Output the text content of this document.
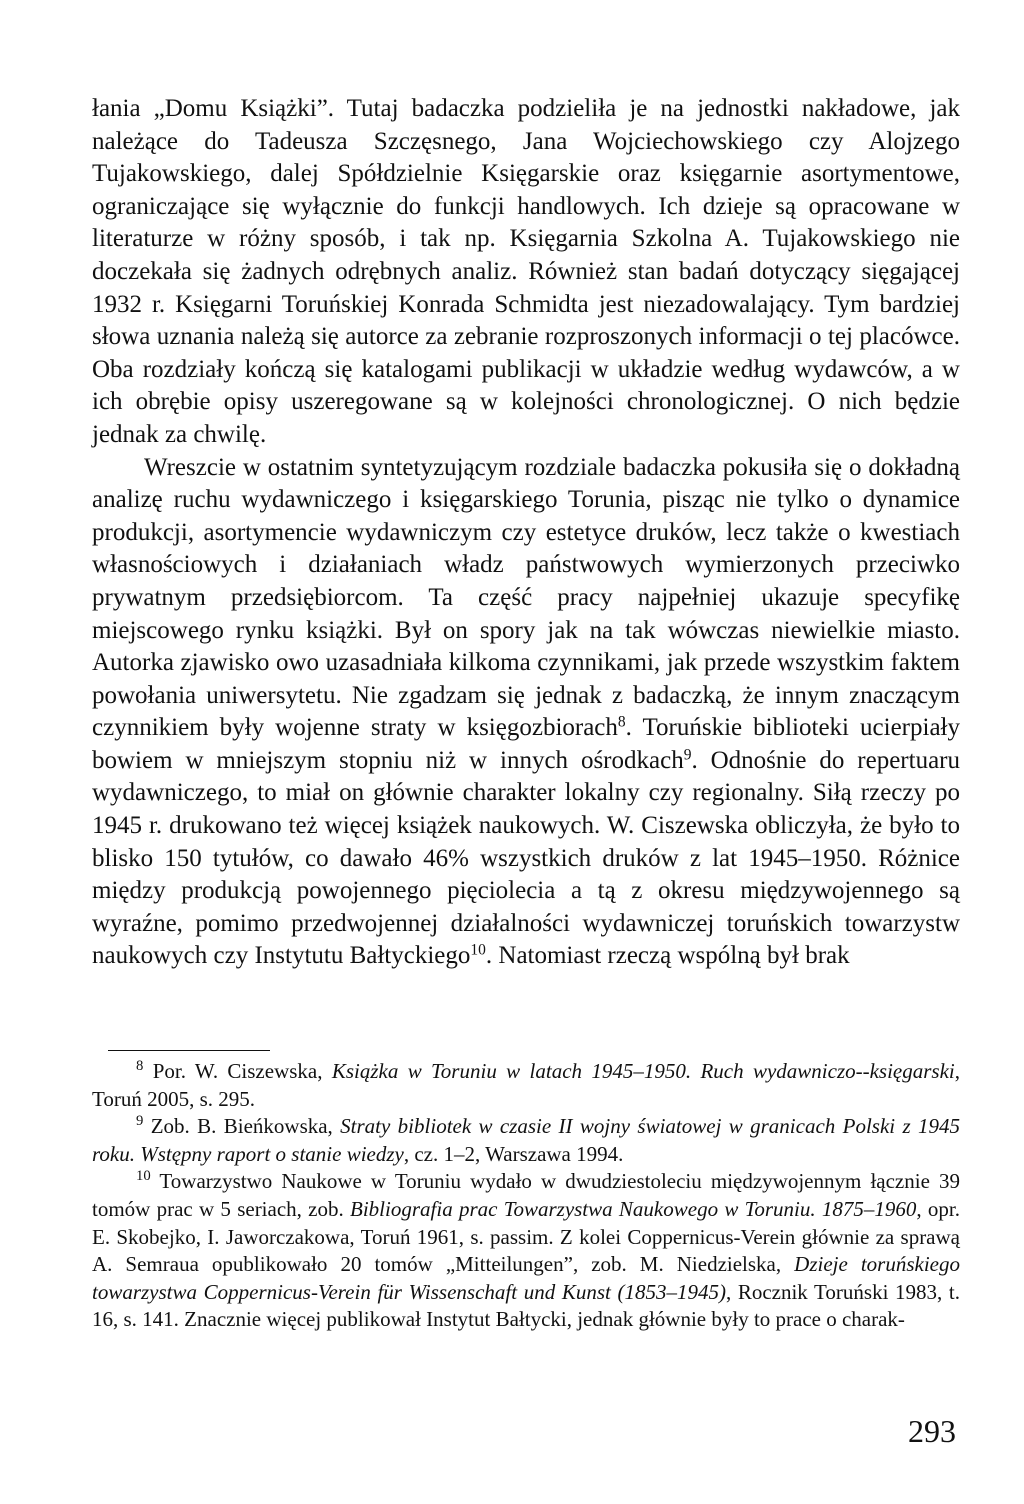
łania „Domu Książki”. Tutaj badaczka podzieliła je na jednostki nakładowe, jak należące do Tadeusza Szczęsnego, Jana Wojciechowskiego czy Alojzego Tujakowskiego, dalej Spółdzielnie Księgarskie oraz księgarnie asortymentowe, ograniczające się wyłącznie do funkcji handlowych. Ich dzieje są opracowane w literaturze w różny sposób, i tak np. Księgarnia Szkolna A. Tujakowskiego nie doczekała się żadnych odrębnych analiz. Również stan badań dotyczący sięgającej 1932 r. Księgarni Toruńskiej Konrada Schmidta jest niezadowalający. Tym bardziej słowa uznania należą się autorce za zebranie rozproszonych informacji o tej placówce. Oba rozdziały kończą się katalogami publikacji w układzie według wydawców, a w ich obrębie opisy uszeregowane są w kolejności chronologicznej. O nich będzie jednak za chwilę.

Wreszcie w ostatnim syntetyzującym rozdziale badaczka pokusiła się o dokładną analizę ruchu wydawniczego i księgarskiego Torunia, pisząc nie tylko o dynamice produkcji, asortymencie wydawniczym czy estetyce druków, lecz także o kwestiach własnościowych i działaniach władz państwowych wymierzonych przeciwko prywatnym przedsiębiorcom. Ta część pracy najpełniej ukazuje specyfikę miejscowego rynku książki. Był on spory jak na tak wówczas niewielkie miasto. Autorka zjawisko owo uzasadniała kilkoma czynnikami, jak przede wszystkim faktem powołania uniwersytetu. Nie zgadzam się jednak z badaczką, że innym znaczącym czynnikiem były wojenne straty w księgozbiorach$^8$. Toruńskie biblioteki ucierpiały bowiem w mniejszym stopniu niż w innych ośrodkach$^9$. Odnośnie do repertuaru wydawniczego, to miał on głównie charakter lokalny czy regionalny. Siłą rzeczy po 1945 r. drukowano też więcej książek naukowych. W. Ciszewska obliczyła, że było to blisko 150 tytułów, co dawało 46% wszystkich druków z lat 1945–1950. Różnice między produkcją powojennego pięciolecia a tą z okresu międzywojennego są wyraźne, pomimo przedwojennej działalności wydawniczej toruńskich towarzystw naukowych czy Instytutu Bałtyckiego$^{10}$. Natomiast rzeczą wspólną był brak

$^8$ Por. W. Ciszewska, Książka w Toruniu w latach 1945–1950. Ruch wydawniczo--księgarski, Toruń 2005, s. 295.

$^9$ Zob. B. Bieńkowska, Straty bibliotek w czasie II wojny światowej w granicach Polski z 1945 roku. Wstępny raport o stanie wiedzy, cz. 1–2, Warszawa 1994.

$^{10}$ Towarzystwo Naukowe w Toruniu wydało w dwudziestoleciu międzywojennym łącznie 39 tomów prac w 5 seriach, zob. Bibliografia prac Towarzystwa Naukowego w Toruniu. 1875–1960, opr. E. Skobejko, I. Jaworczakowa, Toruń 1961, s. passim. Z kolei Coppernicus-Verein głównie za sprawą A. Semraua opublikowało 20 tomów „Mitteilungen”, zob. M. Niedzielska, Dzieje toruńskiego towarzystwa Coppernicus-Verein für Wissenschaft und Kunst (1853–1945), Rocznik Toruński 1983, t. 16, s. 141. Znacznie więcej publikował Instytut Bałtycki, jednak głównie były to prace o charak-

293
